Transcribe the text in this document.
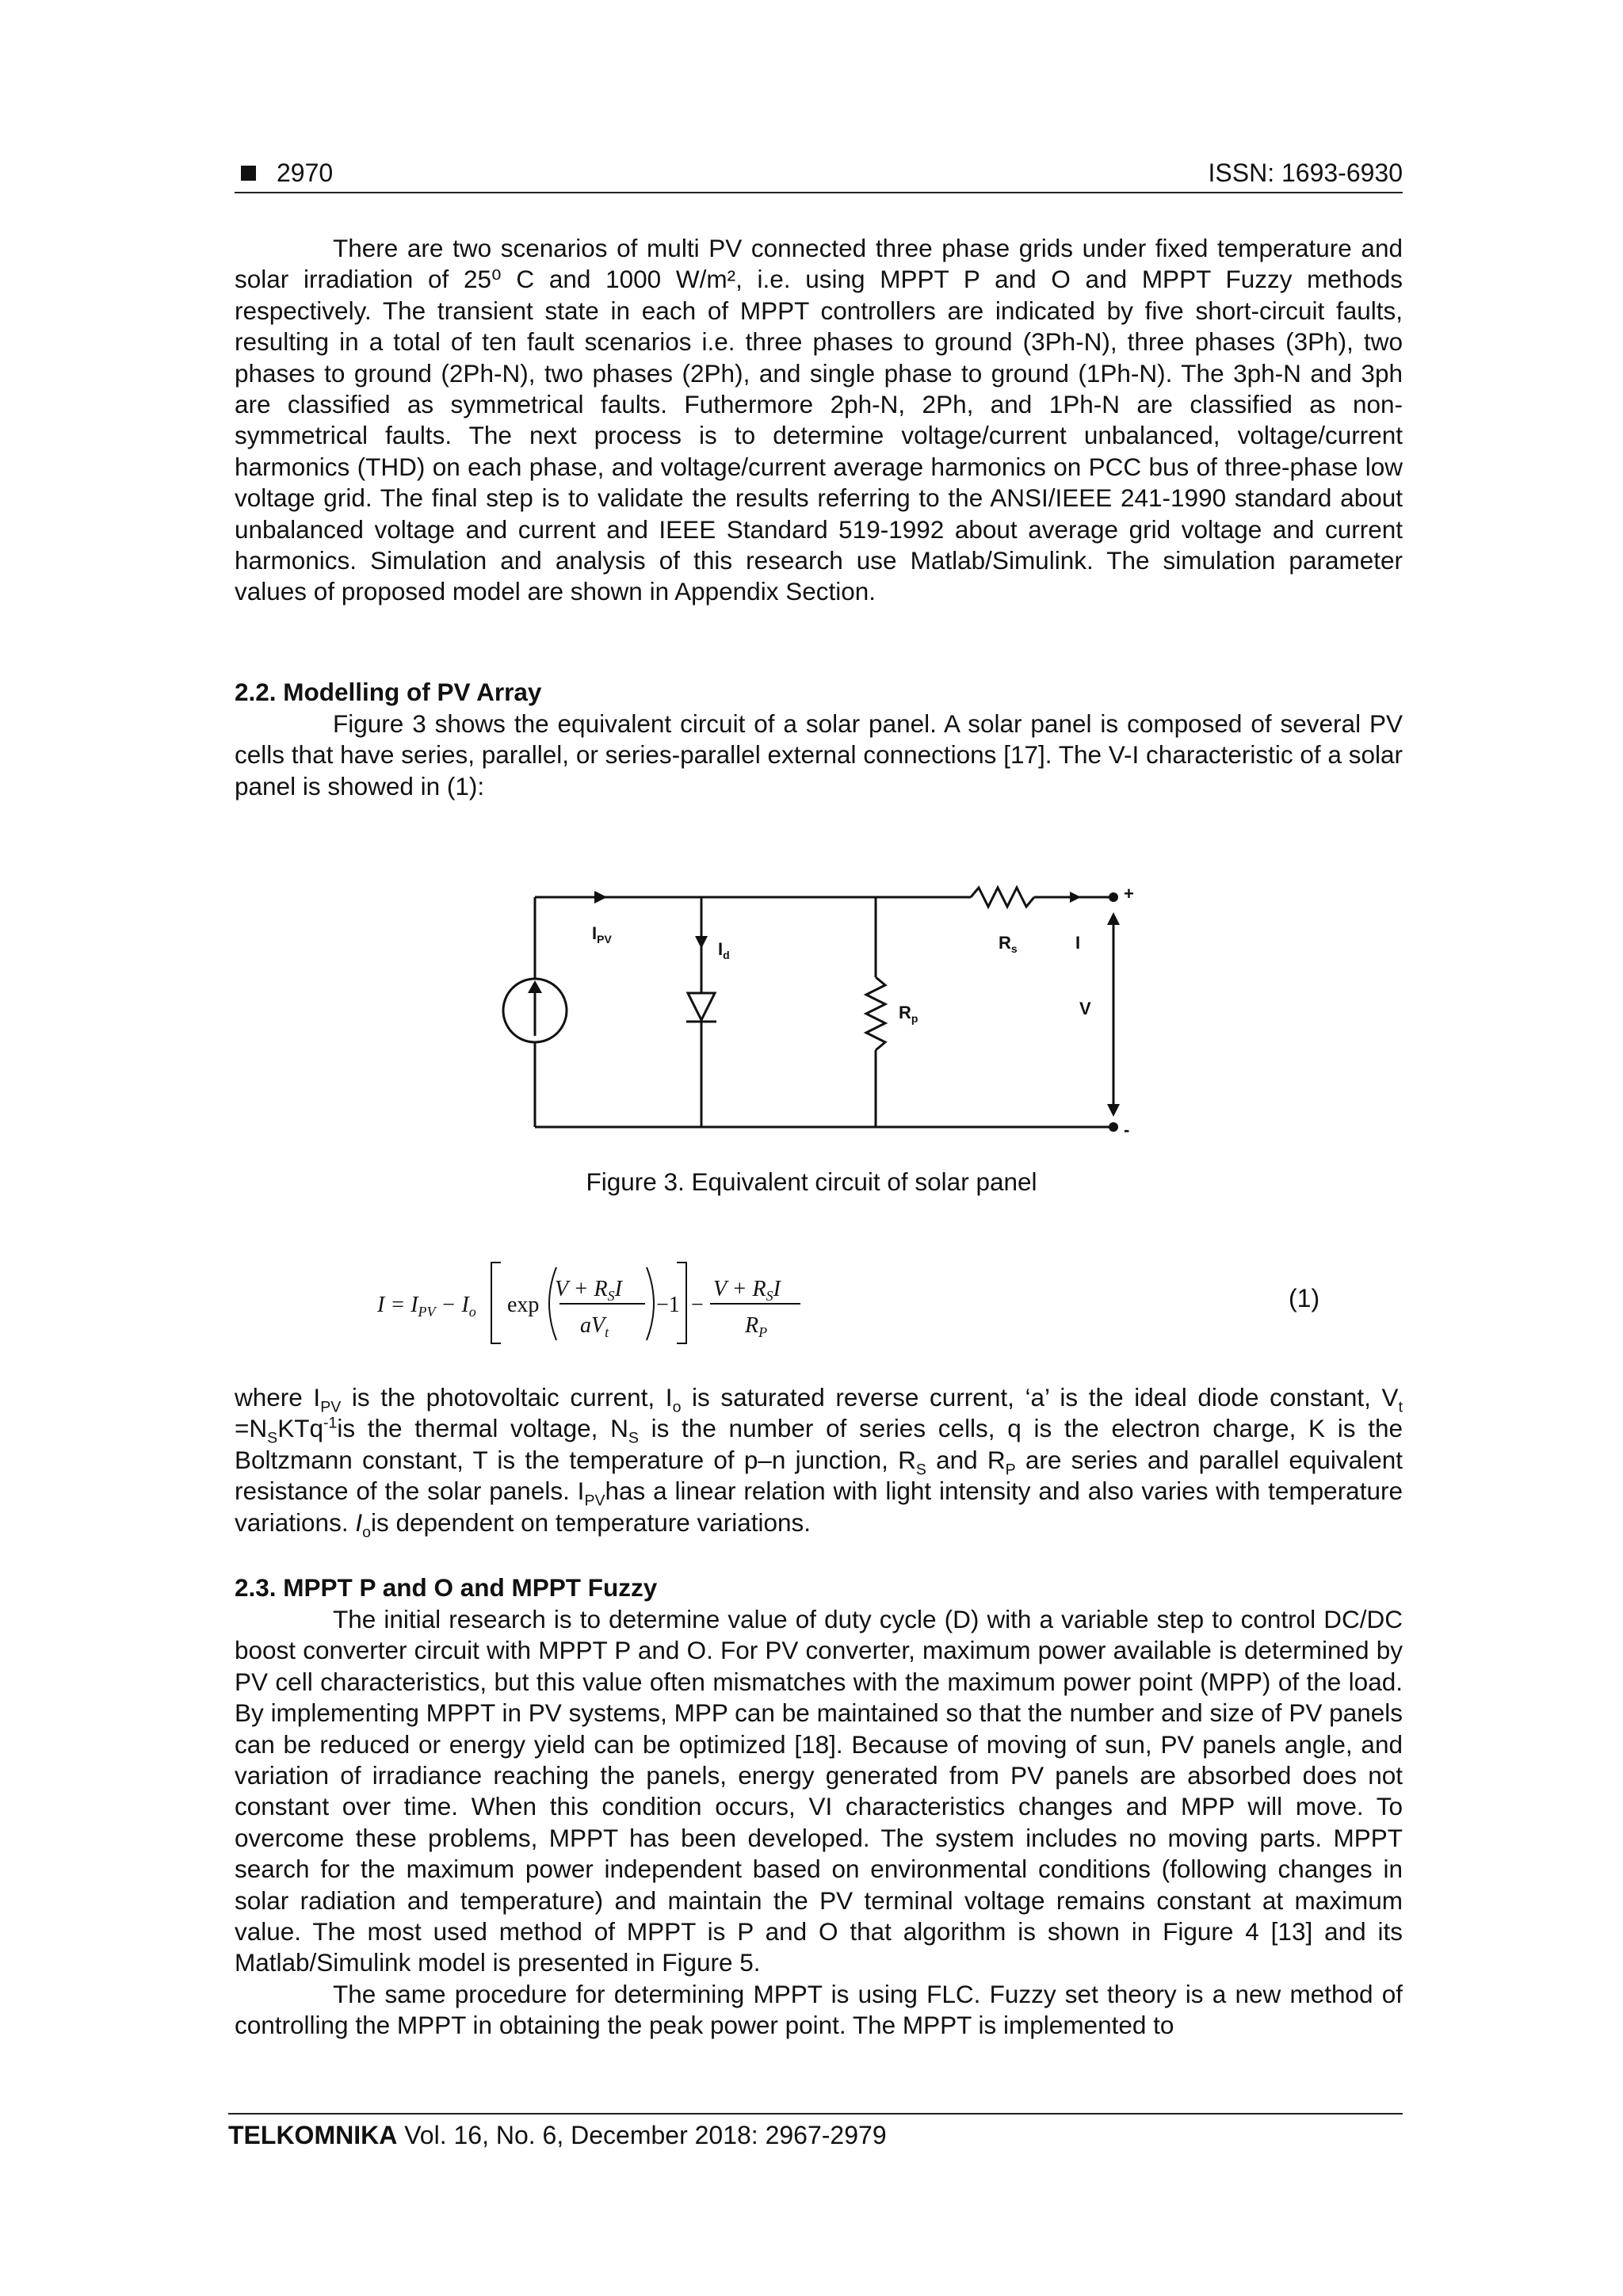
2970	ISSN: 1693-6930

There are two scenarios of multi PV connected three phase grids under fixed temperature and solar irradiation of 25⁰ C and 1000 W/m², i.e. using MPPT P and O and MPPT Fuzzy methods respectively. The transient state in each of MPPT controllers are indicated by five short-circuit faults, resulting in a total of ten fault scenarios i.e. three phases to ground (3Ph-N), three phases (3Ph), two phases to ground (2Ph-N), two phases (2Ph), and single phase to ground (1Ph-N). The 3ph-N and 3ph are classified as symmetrical faults. Futhermore 2ph-N, 2Ph, and 1Ph-N are classified as non-symmetrical faults. The next process is to determine voltage/current unbalanced, voltage/current harmonics (THD) on each phase, and voltage/current average harmonics on PCC bus of three-phase low voltage grid. The final step is to validate the results referring to the ANSI/IEEE 241-1990 standard about unbalanced voltage and current and IEEE Standard 519-1992 about average grid voltage and current harmonics. Simulation and analysis of this research use Matlab/Simulink. The simulation parameter values of proposed model are shown in Appendix Section.

2.2. Modelling of PV Array

Figure 3 shows the equivalent circuit of a solar panel. A solar panel is composed of several PV cells that have series, parallel, or series-parallel external connections [17]. The V-I characteristic of a solar panel is showed in (1):

$I_{PV}$	$I_d$
$R_s$	I
$R_p$	V
+
-
Figure 3. Equivalent circuit of solar panel
$I = I_{PV} - I_o$ exp
$V + R_SI$
$aV_t$
−1 −
$V + R_SI$
$R_P$
(1)

where $I_{PV}$ is the photovoltaic current, $I_o$ is saturated reverse current, ‘a’ is the ideal diode constant, $V_t =N_SKTq^{-1}is$ the thermal voltage, $N_S$ is the number of series cells, q is the electron charge, K is the Boltzmann constant, T is the temperature of p–n junction, $R_S$ and $R_P$ are series and parallel equivalent resistance of the solar panels. $I_{PV}has$ a linear relation with light intensity and also varies with temperature variations. $I_ois$ dependent on temperature variations.

2.3. MPPT P and O and MPPT Fuzzy

The initial research is to determine value of duty cycle (D) with a variable step to control DC/DC boost converter circuit with MPPT P and O. For PV converter, maximum power available is determined by PV cell characteristics, but this value often mismatches with the maximum power point (MPP) of the load. By implementing MPPT in PV systems, MPP can be maintained so that the number and size of PV panels can be reduced or energy yield can be optimized [18]. Because of moving of sun, PV panels angle, and variation of irradiance reaching the panels, energy generated from PV panels are absorbed does not constant over time. When this condition occurs, VI characteristics changes and MPP will move. To overcome these problems, MPPT has been developed. The system includes no moving parts. MPPT search for the maximum power independent based on environmental conditions (following changes in solar radiation and temperature) and maintain the PV terminal voltage remains constant at maximum value. The most used method of MPPT is P and O that algorithm is shown in Figure 4 [13] and its Matlab/Simulink model is presented in Figure 5.

The same procedure for determining MPPT is using FLC. Fuzzy set theory is a new method of controlling the MPPT in obtaining the peak power point. The MPPT is implemented to

TELKOMNIKA Vol. 16, No. 6, December 2018: 2967-2979
